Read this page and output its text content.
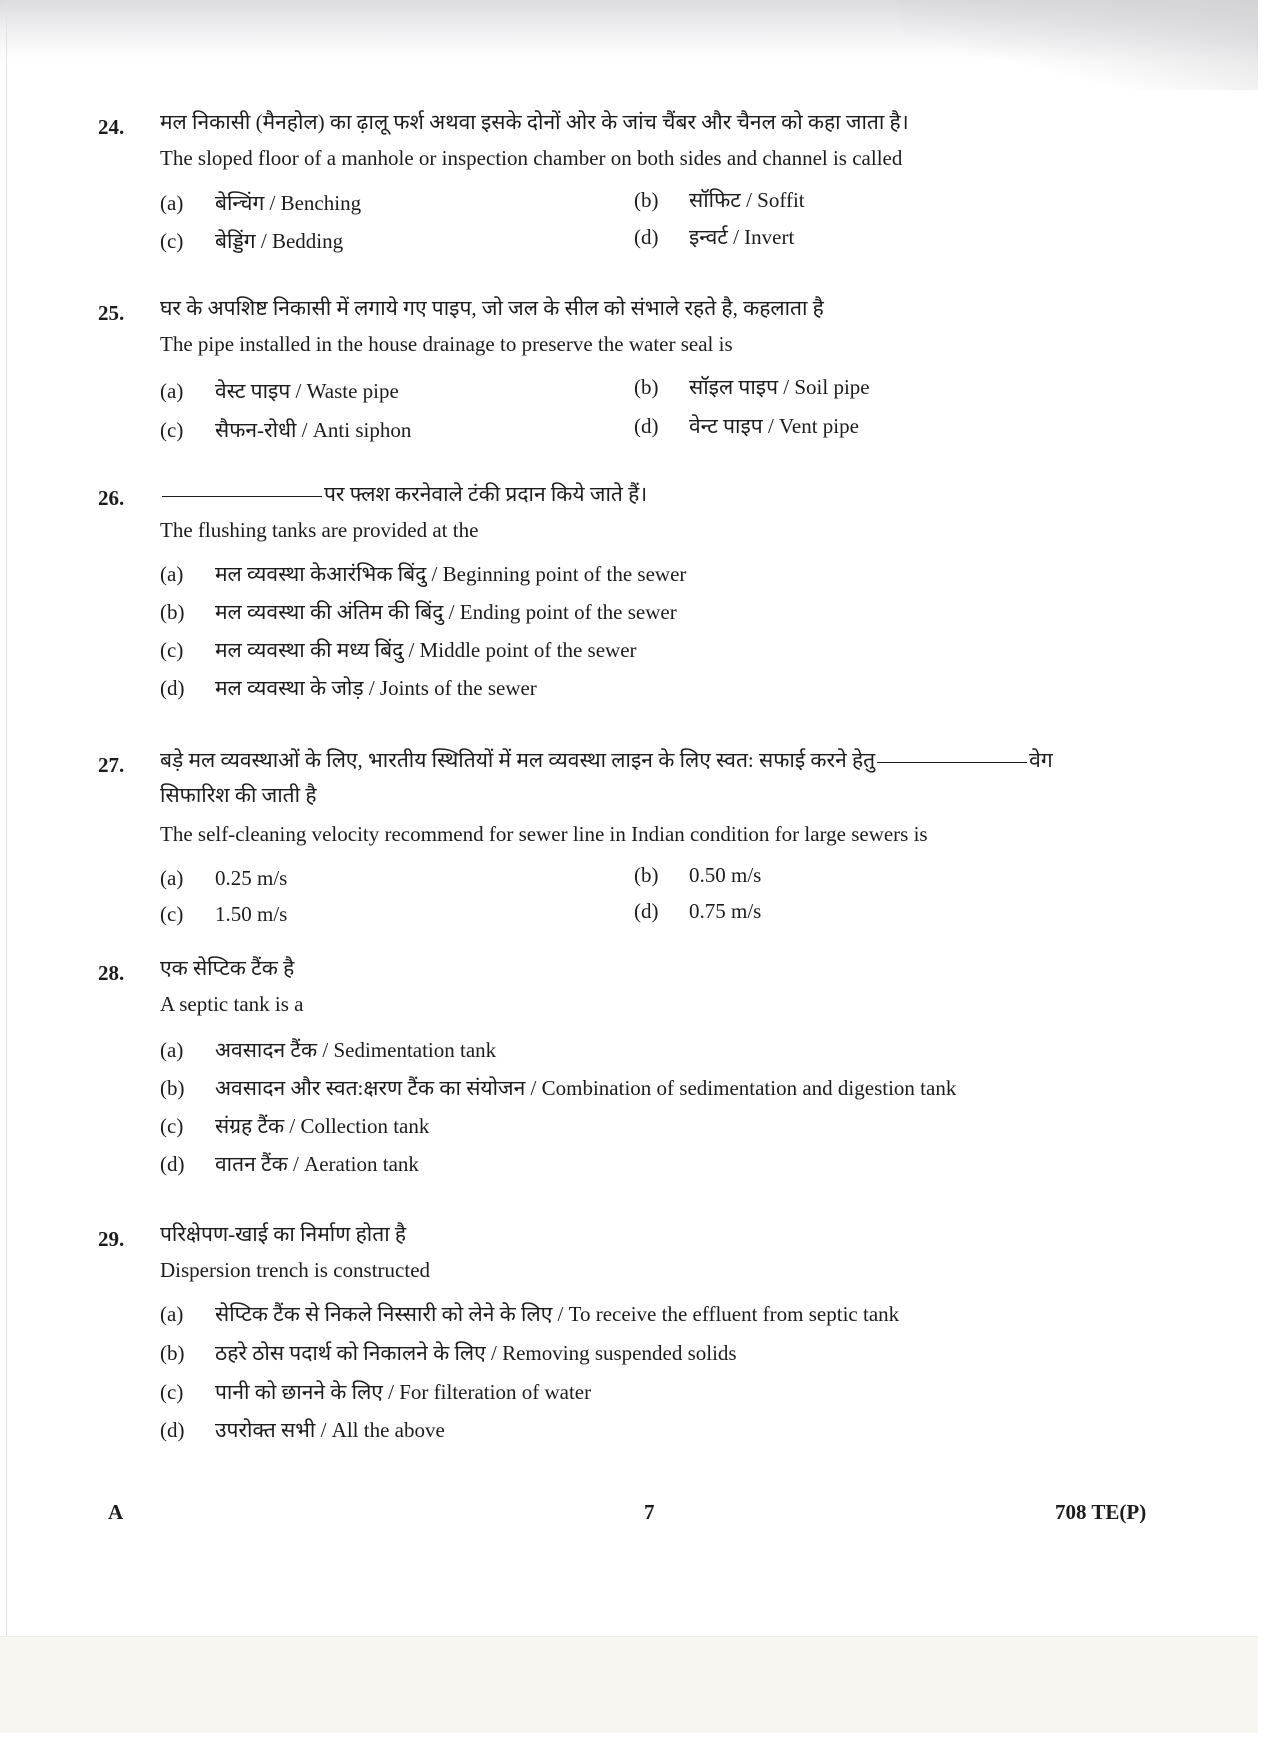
24. मल निकासी (मैनहोल) का ढ़ालू फर्श अथवा इसके दोनों ओर के जांच चैंबर और चैनल को कहा जाता है।
The sloped floor of a manhole or inspection chamber on both sides and channel is called
(a) बेन्चिंग / Benching	(b) सॉफिट / Soffit
(c) बेड्डिंग / Bedding	(d) इन्वर्ट / Invert
25. घर के अपशिष्ट निकासी में लगाये गए पाइप, जो जल के सील को संभाले रहते है, कहलाता है
The pipe installed in the house drainage to preserve the water seal is
(a) वेस्ट पाइप / Waste pipe	(b) सॉइल पाइप / Soil pipe
(c) सैफन-रोधी / Anti siphon	(d) वेन्ट पाइप / Vent pipe
26.	पर फ्लश करनेवाले टंकी प्रदान किये जाते हैं।
The flushing tanks are provided at the
(a) मल व्यवस्था केआरंभिक बिंदु / Beginning point of the sewer
(b) मल व्यवस्था की अंतिम की बिंदु / Ending point of the sewer
(c) मल व्यवस्था की मध्य बिंदु / Middle point of the sewer
(d) मल व्यवस्था के जोड़ / Joints of the sewer
27. बड़े मल व्यवस्थाओं के लिए, भारतीय स्थितियों में मल व्यवस्था लाइन के लिए स्वत: सफाई करने हेतु	वेग
सिफारिश की जाती है
The self-cleaning velocity recommend for sewer line in Indian condition for large sewers is
(a) 0.25 m/s	(b) 0.50 m/s
(c) 1.50 m/s	(d) 0.75 m/s
28. एक सेप्टिक टैंक है
A septic tank is a
(a) अवसादन टैंक / Sedimentation tank
(b) अवसादन और स्वत:क्षरण टैंक का संयोजन / Combination of sedimentation and digestion tank
(c) संग्रह टैंक / Collection tank
(d) वातन टैंक / Aeration tank
29. परिक्षेपण-खाई का निर्माण होता है
Dispersion trench is constructed
(a) सेप्टिक टैंक से निकले निस्सारी को लेने के लिए / To receive the effluent from septic tank
(b) ठहरे ठोस पदार्थ को निकालने के लिए / Removing suspended solids
(c) पानी को छानने के लिए / For filteration of water
(d) उपरोक्त सभी / All the above
A	7	708 TE(P)
